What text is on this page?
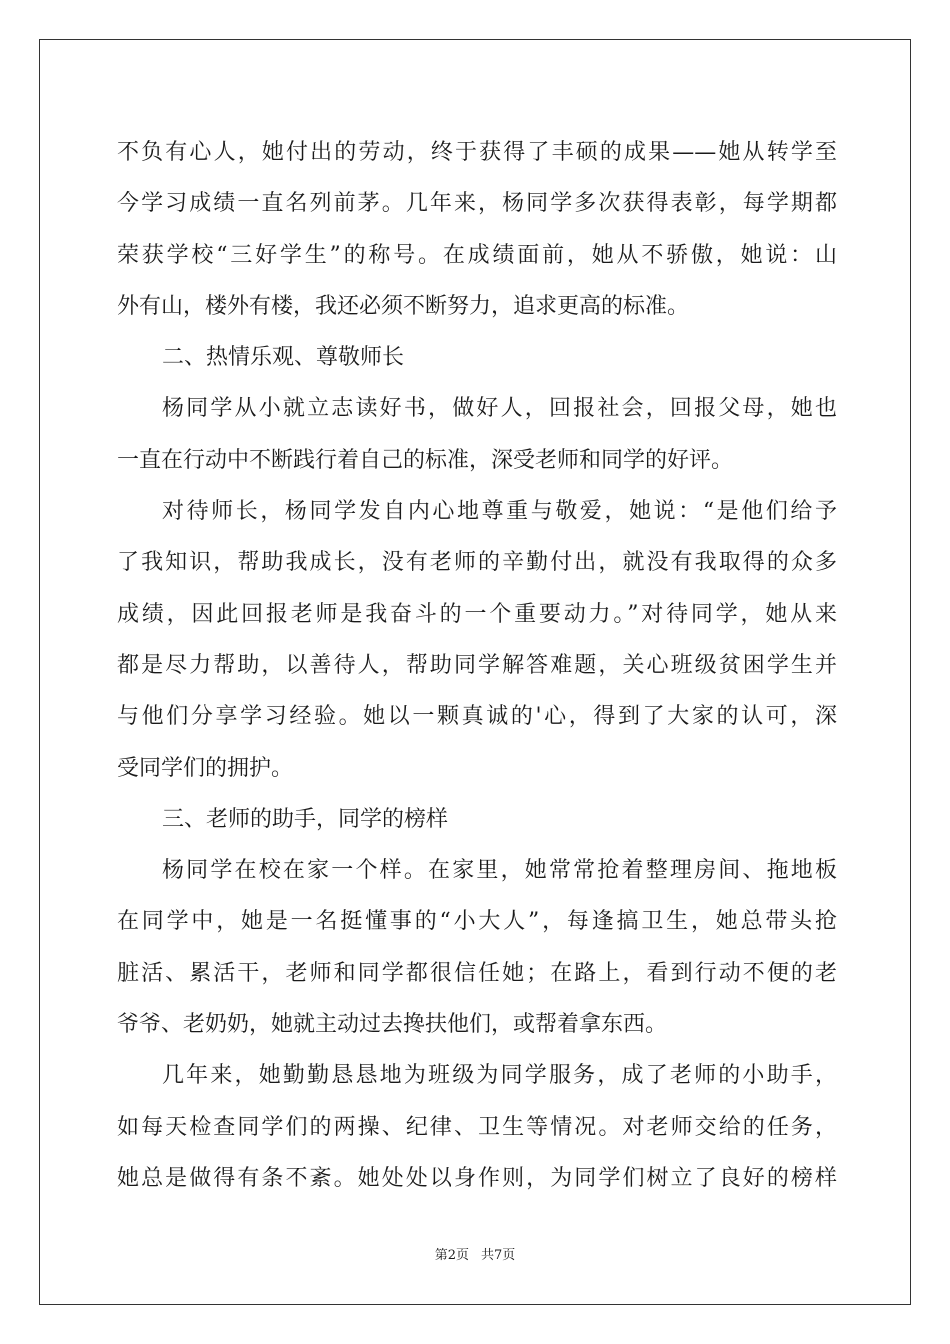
不负有心人，她付出的劳动，终于获得了丰硕的成果——她从转学至
今学习成绩一直名列前茅。几年来，杨同学多次获得表彰，每学期都
荣获学校“三好学生”的称号。在成绩面前，她从不骄傲，她说：山
外有山，楼外有楼，我还必须不断努力，追求更高的标准。
二、热情乐观、尊敬师长
杨同学从小就立志读好书，做好人，回报社会，回报父母，她也
一直在行动中不断践行着自己的标准，深受老师和同学的好评。
对待师长，杨同学发自内心地尊重与敬爱，她说：“是他们给予
了我知识，帮助我成长，没有老师的辛勤付出，就没有我取得的众多
成绩，因此回报老师是我奋斗的一个重要动力。”对待同学，她从来
都是尽力帮助，以善待人，帮助同学解答难题，关心班级贫困学生并
与他们分享学习经验。她以一颗真诚的'心，得到了大家的认可，深
受同学们的拥护。
三、老师的助手，同学的榜样
杨同学在校在家一个样。在家里，她常常抢着整理房间、拖地板
在同学中，她是一名挺懂事的“小大人”，每逢搞卫生，她总带头抢
脏活、累活干，老师和同学都很信任她；在路上，看到行动不便的老
爷爷、老奶奶，她就主动过去搀扶他们，或帮着拿东西。
几年来，她勤勤恳恳地为班级为同学服务，成了老师的小助手，
如每天检查同学们的两操、纪律、卫生等情况。对老师交给的任务，
她总是做得有条不紊。她处处以身作则，为同学们树立了良好的榜样
第2页 共7页
